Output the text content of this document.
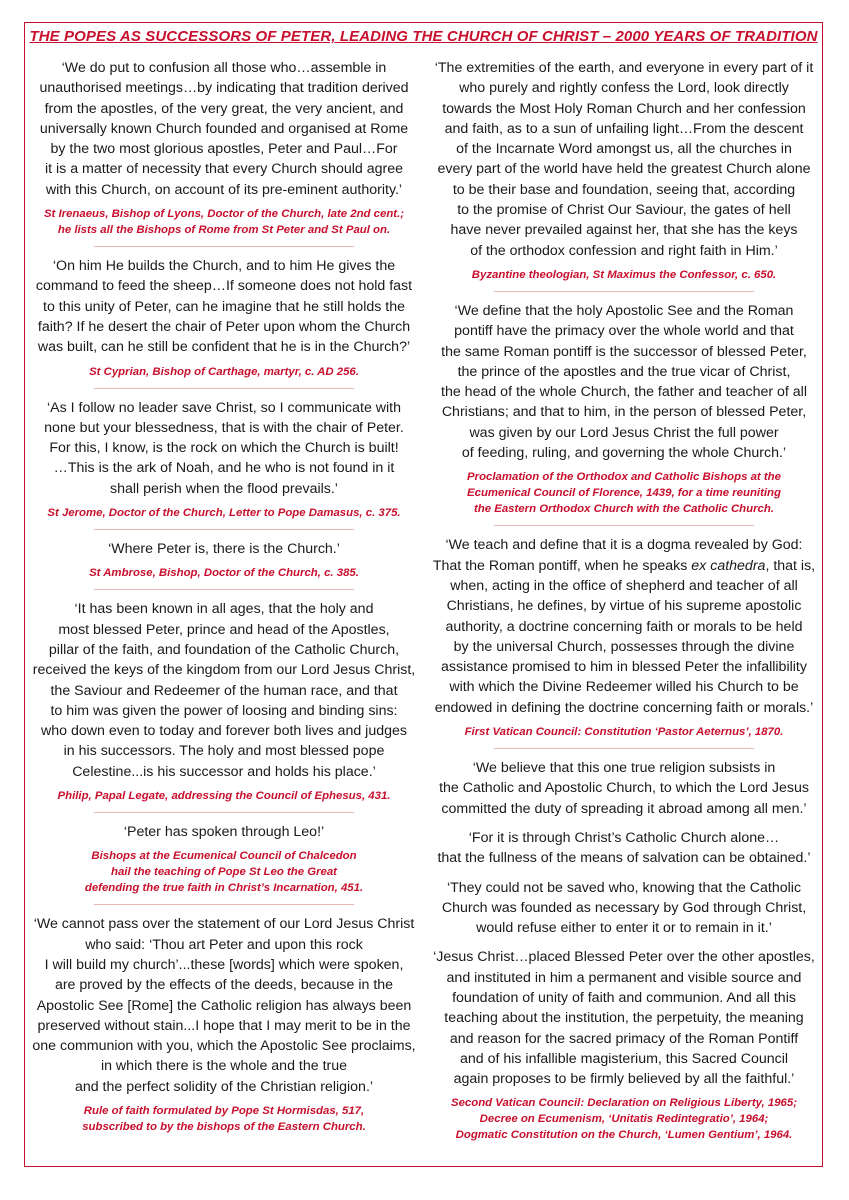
THE POPES AS SUCCESSORS OF PETER, LEADING THE CHURCH OF CHRIST – 2000 YEARS OF TRADITION

‘We do put to confusion all those who…assemble in
unauthorised meetings…by indicating that tradition derived
from the apostles, of the very great, the very ancient, and
universally known Church founded and organised at Rome
by the two most glorious apostles, Peter and Paul…For
it is a matter of necessity that every Church should agree
with this Church, on account of its pre-eminent authority.’

St Irenaeus, Bishop of Lyons, Doctor of the Church, late 2nd cent.;
he lists all the Bishops of Rome from St Peter and St Paul on.

‘On him He builds the Church, and to him He gives the
command to feed the sheep…If someone does not hold fast
to this unity of Peter, can he imagine that he still holds the
faith? If he desert the chair of Peter upon whom the Church
was built, can he still be confident that he is in the Church?’

St Cyprian, Bishop of Carthage, martyr, c. AD 256.

‘As I follow no leader save Christ, so I communicate with
none but your blessedness, that is with the chair of Peter.
For this, I know, is the rock on which the Church is built!
…This is the ark of Noah, and he who is not found in it
shall perish when the flood prevails.’

St Jerome, Doctor of the Church, Letter to Pope Damasus, c. 375.

‘Where Peter is, there is the Church.’

St Ambrose, Bishop, Doctor of the Church, c. 385.

‘It has been known in all ages, that the holy and
most blessed Peter, prince and head of the Apostles,
pillar of the faith, and foundation of the Catholic Church,
received the keys of the kingdom from our Lord Jesus Christ,
the Saviour and Redeemer of the human race, and that
to him was given the power of loosing and binding sins:
who down even to today and forever both lives and judges
in his successors. The holy and most blessed pope
Celestine...is his successor and holds his place.’

Philip, Papal Legate, addressing the Council of Ephesus, 431.

‘Peter has spoken through Leo!’

Bishops at the Ecumenical Council of Chalcedon
hail the teaching of Pope St Leo the Great
defending the true faith in Christ’s Incarnation, 451.

‘We cannot pass over the statement of our Lord Jesus Christ
who said: ‘Thou art Peter and upon this rock
I will build my church’...these [words] which were spoken,
are proved by the effects of the deeds, because in the
Apostolic See [Rome] the Catholic religion has always been
preserved without stain...I hope that I may merit to be in the
one communion with you, which the Apostolic See proclaims,
in which there is the whole and the true
and the perfect solidity of the Christian religion.’

Rule of faith formulated by Pope St Hormisdas, 517,
subscribed to by the bishops of the Eastern Church.

‘The extremities of the earth, and everyone in every part of it
who purely and rightly confess the Lord, look directly
towards the Most Holy Roman Church and her confession
and faith, as to a sun of unfailing light…From the descent
of the Incarnate Word amongst us, all the churches in
every part of the world have held the greatest Church alone
to be their base and foundation, seeing that, according
to the promise of Christ Our Saviour, the gates of hell
have never prevailed against her, that she has the keys
of the orthodox confession and right faith in Him.’

Byzantine theologian, St Maximus the Confessor, c. 650.

‘We define that the holy Apostolic See and the Roman
pontiff have the primacy over the whole world and that
the same Roman pontiff is the successor of blessed Peter,
the prince of the apostles and the true vicar of Christ,
the head of the whole Church, the father and teacher of all
Christians; and that to him, in the person of blessed Peter,
was given by our Lord Jesus Christ the full power
of feeding, ruling, and governing the whole Church.’

Proclamation of the Orthodox and Catholic Bishops at the
Ecumenical Council of Florence, 1439, for a time reuniting
the Eastern Orthodox Church with the Catholic Church.

‘We teach and define that it is a dogma revealed by God:
That the Roman pontiff, when he speaks ex cathedra, that is,
when, acting in the office of shepherd and teacher of all
Christians, he defines, by virtue of his supreme apostolic
authority, a doctrine concerning faith or morals to be held
by the universal Church, possesses through the divine
assistance promised to him in blessed Peter the infallibility
with which the Divine Redeemer willed his Church to be
endowed in defining the doctrine concerning faith or morals.’

First Vatican Council: Constitution ‘Pastor Aeternus’, 1870.

‘We believe that this one true religion subsists in
the Catholic and Apostolic Church, to which the Lord Jesus
committed the duty of spreading it abroad among all men.’

‘For it is through Christ’s Catholic Church alone…
that the fullness of the means of salvation can be obtained.’

‘They could not be saved who, knowing that the Catholic
Church was founded as necessary by God through Christ,
would refuse either to enter it or to remain in it.’

‘Jesus Christ…placed Blessed Peter over the other apostles,
and instituted in him a permanent and visible source and
foundation of unity of faith and communion. And all this
teaching about the institution, the perpetuity, the meaning
and reason for the sacred primacy of the Roman Pontiff
and of his infallible magisterium, this Sacred Council
again proposes to be firmly believed by all the faithful.’

Second Vatican Council: Declaration on Religious Liberty, 1965;
Decree on Ecumenism, ‘Unitatis Redintegratio’, 1964;
Dogmatic Constitution on the Church, ‘Lumen Gentium’, 1964.
